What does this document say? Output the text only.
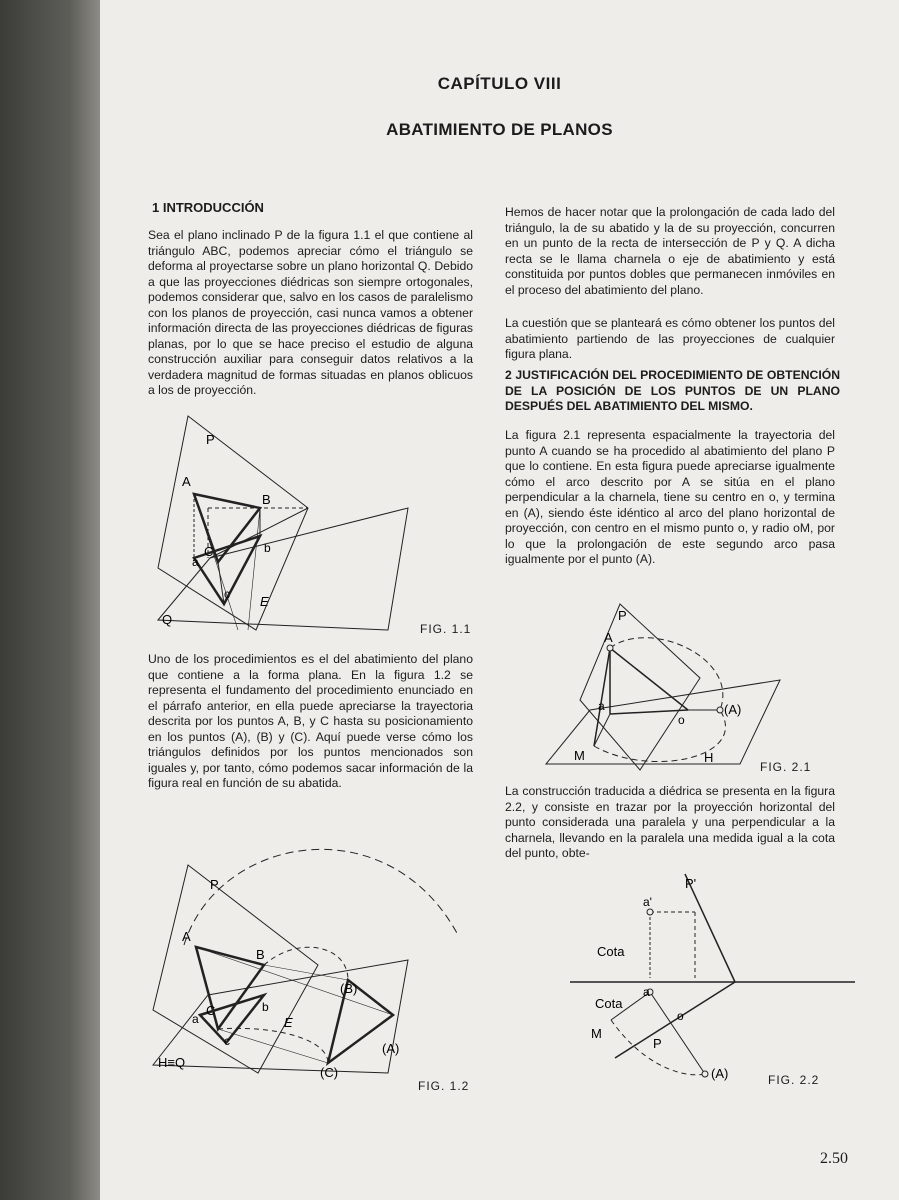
CAPÍTULO VIII
ABATIMIENTO DE PLANOS
1 INTRODUCCIÓN

Sea el plano inclinado P de la figura 1.1 el que contiene al triángulo ABC, podemos apreciar cómo el triángulo se deforma al proyectarse sobre un plano horizontal Q. Debido a que las proyecciones diédricas son siempre ortogonales, podemos considerar que, salvo en los casos de paralelismo con los planos de proyección, casi nunca vamos a obtener información directa de las proyecciones diédricas de figuras planas, por lo que se hace preciso el estudio de alguna construcción auxiliar para conseguir datos relativos a la verdadera magnitud de formas situadas en planos oblicuos a los de proyección.

P
A
B
b
C
a
c E
Q
FIG. 1.1

Uno de los procedimientos es el del abatimiento del plano que contiene a la forma plana. En la figura 1.2 se representa el fundamento del procedimiento enunciado en el párrafo anterior, en ella puede apreciarse la trayectoria descrita por los puntos A, B, y C hasta su posicionamiento en los puntos (A), (B) y (C). Aquí puede verse cómo los triángulos definidos por los puntos mencionados son iguales y, por tanto, cómo podemos sacar información de la figura real en función de su abatida.

P
A
B
(B)
C
a
b
c
E
(A)
(C)
H≡Q
FIG. 1.2

Hemos de hacer notar que la prolongación de cada lado del triángulo, la de su abatido y la de su proyección, concurren en un punto de la recta de intersección de P y Q. A dicha recta se le llama charnela o eje de abatimiento y está constituida por puntos dobles que permanecen inmóviles en el proceso del abatimiento del plano.

La cuestión que se planteará es cómo obtener los puntos del abatimiento partiendo de las proyecciones de cualquier figura plana.

2 JUSTIFICACIÓN DEL PROCEDIMIENTO DE OBTENCIÓN DE LA POSICIÓN DE LOS PUNTOS DE UN PLANO DESPUÉS DEL ABATIMIENTO DEL MISMO.

La figura 2.1 representa espacialmente la trayectoria del punto A cuando se ha procedido al abatimiento del plano P que lo contiene. En esta figura puede apreciarse igualmente cómo el arco descrito por A se sitúa en el plano perpendicular a la charnela, tiene su centro en o, y termina en (A), siendo éste idéntico al arco del plano horizontal de proyección, con centro en el mismo punto o, y radio oM, por lo que la prolongación de este segundo arco pasa igualmente por el punto (A).

P
A
a
o
(A)
M	H
FIG. 2.1

La construcción traducida a diédrica se presenta en la figura 2.2, y consiste en trazar por la proyección horizontal del punto considerada una paralela y una perpendicular a la charnela, llevando en la paralela una medida igual a la cota del punto, obte-

P'
a'
Cota
Cota
a
o
M
P
(A)	FIG. 2.2
2.50
